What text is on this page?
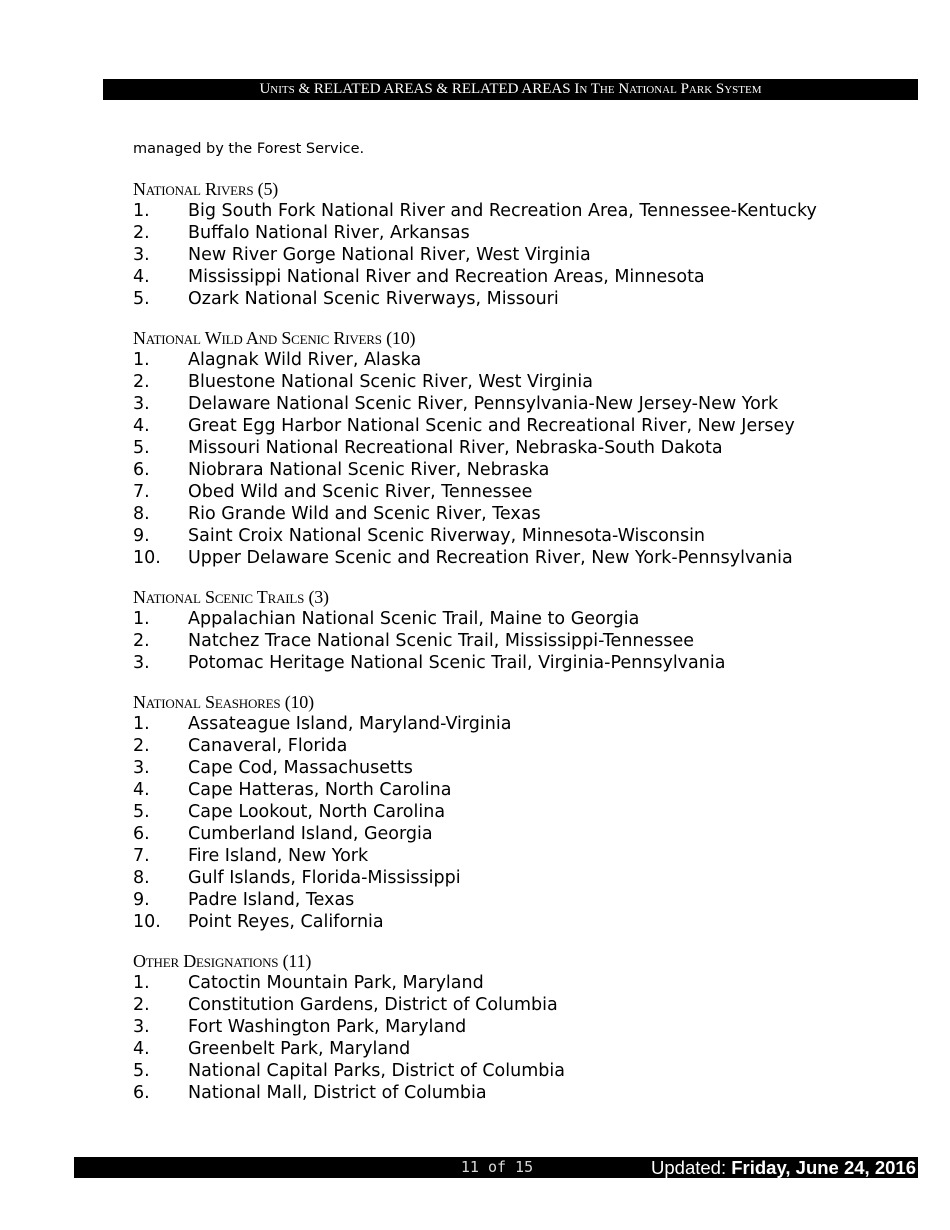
Units & RELATED AREAS & RELATED AREAS In The National Park System

managed by the Forest Service.

National Rivers (5)
1.	Big South Fork National River and Recreation Area, Tennessee-Kentucky
2.	Buffalo National River, Arkansas
3.	New River Gorge National River, West Virginia
4.	Mississippi National River and Recreation Areas, Minnesota
5.	Ozark National Scenic Riverways, Missouri
National Wild And Scenic Rivers (10)
1.	Alagnak Wild River, Alaska
2.	Bluestone National Scenic River, West Virginia
3.	Delaware National Scenic River, Pennsylvania-New Jersey-New York
4.	Great Egg Harbor National Scenic and Recreational River, New Jersey
5.	Missouri National Recreational River, Nebraska-South Dakota
6.	Niobrara National Scenic River, Nebraska
7.	Obed Wild and Scenic River, Tennessee
8.	Rio Grande Wild and Scenic River, Texas
9.	Saint Croix National Scenic Riverway, Minnesota-Wisconsin
10.	Upper Delaware Scenic and Recreation River, New York-Pennsylvania
National Scenic Trails (3)
1.	Appalachian National Scenic Trail, Maine to Georgia
2.	Natchez Trace National Scenic Trail, Mississippi-Tennessee
3.	Potomac Heritage National Scenic Trail, Virginia-Pennsylvania
National Seashores (10)
1.	Assateague Island, Maryland-Virginia
2.	Canaveral, Florida
3.	Cape Cod, Massachusetts
4.	Cape Hatteras, North Carolina
5.	Cape Lookout, North Carolina
6.	Cumberland Island, Georgia
7.	Fire Island, New York
8.	Gulf Islands, Florida-Mississippi
9.	Padre Island, Texas
10.	Point Reyes, California
Other Designations (11)
1.	Catoctin Mountain Park, Maryland
2.	Constitution Gardens, District of Columbia
3.	Fort Washington Park, Maryland
4.	Greenbelt Park, Maryland
5.	National Capital Parks, District of Columbia
6.	National Mall, District of Columbia
11 of 15	Updated: Friday, June 24, 2016
